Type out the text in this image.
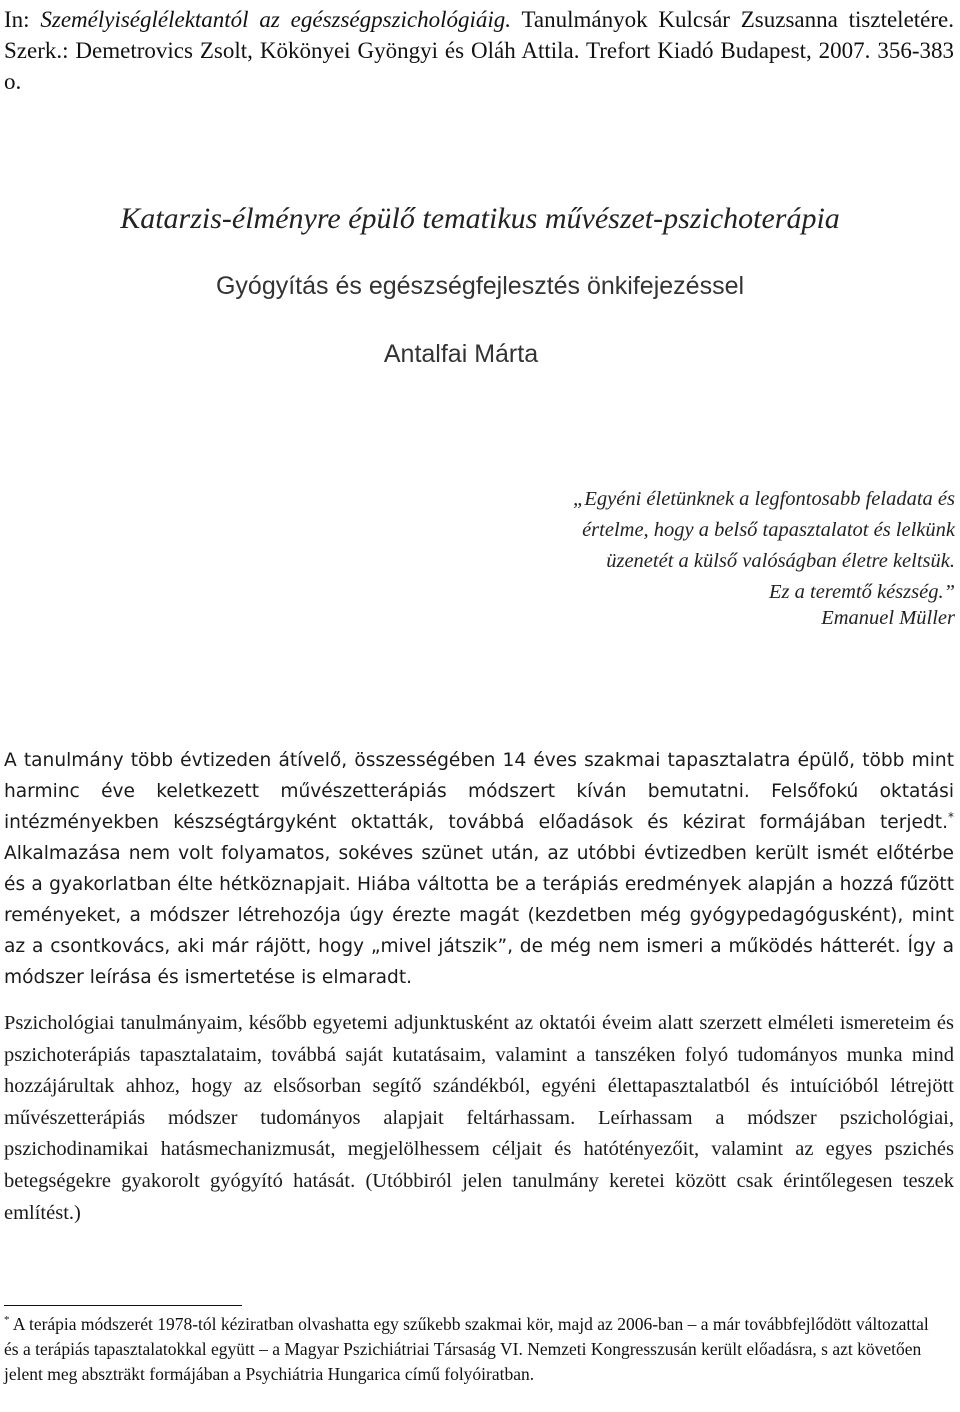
In: Személyiséglélektantól az egészségpszichológiáig. Tanulmányok Kulcsár Zsuzsanna tiszteletére. Szerk.: Demetrovics Zsolt, Kökönyei Gyöngyi és Oláh Attila. Trefort Kiadó Budapest, 2007. 356-383 o.
Katarzis-élményre épülő tematikus művészet-pszichoterápia
Gyógyítás és egészségfejlesztés önkifejezéssel
Antalfai Márta
„Egyéni életünknek a legfontosabb feladata és
értelme, hogy a belső tapasztalatot és lelkünk
üzenetét a külső valóságban életre keltsük.
Ez a teremtő készség.”
Emanuel Müller
A tanulmány több évtizeden átívelő, összességében 14 éves szakmai tapasztalatra épülő, több mint harminc éve keletkezett művészetterápiás módszert kíván bemutatni. Felsőfokú oktatási intézményekben készségtárgyként oktatták, továbbá előadások és kézirat formájában terjedt.* Alkalmazása nem volt folyamatos, sokéves szünet után, az utóbbi évtizedben került ismét előtérbe és a gyakorlatban élte hétköznapjait. Hiába váltotta be a terápiás eredmények alapján a hozzá fűzött reményeket, a módszer létrehozója úgy érezte magát (kezdetben még gyógypedagógusként), mint az a csontkovács, aki már rájött, hogy „mivel játszik”, de még nem ismeri a működés hátterét. Így a módszer leírása és ismertetése is elmaradt.
Pszichológiai tanulmányaim, később egyetemi adjunktusként az oktatói éveim alatt szerzett elméleti ismereteim és pszichoterápiás tapasztalataim, továbbá saját kutatásaim, valamint a tanszéken folyó tudományos munka mind hozzájárultak ahhoz, hogy az elsősorban segítő szándékból, egyéni élettapasztalatból és intuícióból létrejött művészetterápiás módszer tudományos alapjait feltárhassam. Leírhassam a módszer pszichológiai, pszichodinamikai hatásmechanizmusát, megjelölhessem céljait és hatótényezőit, valamint az egyes pszichés betegségekre gyakorolt gyógyító hatását. (Utóbbiról jelen tanulmány keretei között csak érintőlegesen teszek említést.)
* A terápia módszerét 1978-tól kéziratban olvashatta egy szűkebb szakmai kör, majd az 2006-ban – a már továbbfejlődött változattal és a terápiás tapasztalatokkal együtt – a Magyar Pszichiátriai Társaság VI. Nemzeti Kongresszusán került előadásra, s azt követően jelent meg abszträkt formájában a Psychiátria Hungarica című folyóiratban.
